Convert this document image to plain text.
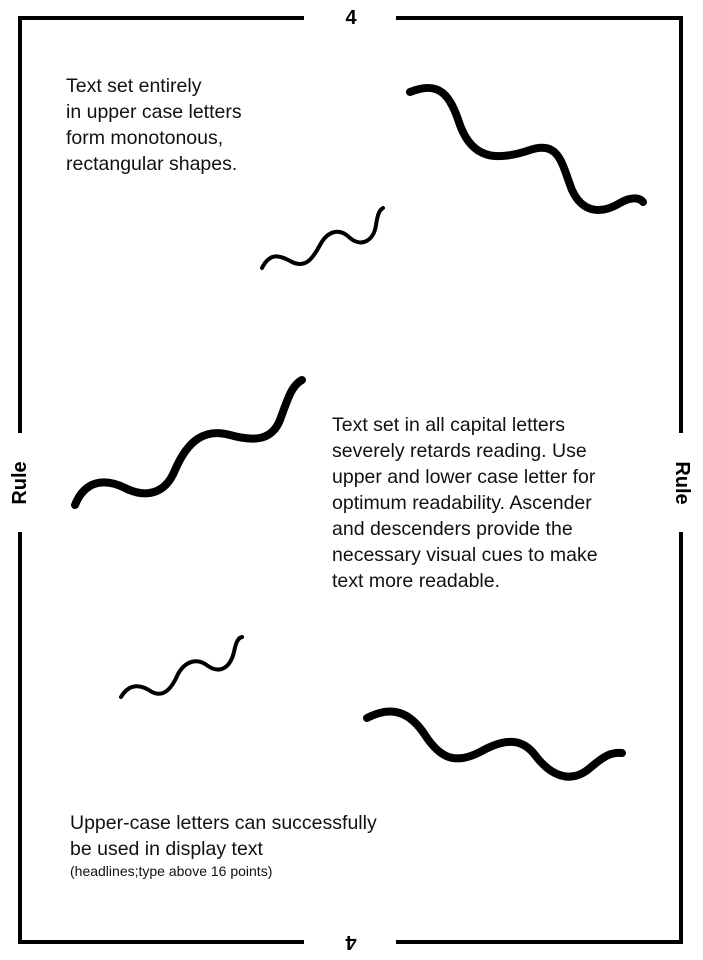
4
4
Rule	Rule
Text set entirely
in upper case letters
form monotonous,
rectangular shapes.
Text set in all capital letters
severely retards reading. Use
upper and lower case letter for
optimum readability. Ascender
and descenders provide the
necessary visual cues to make
text more readable.
Upper-case letters can successfully
be used in display text
(headlines;type above 16 points)
